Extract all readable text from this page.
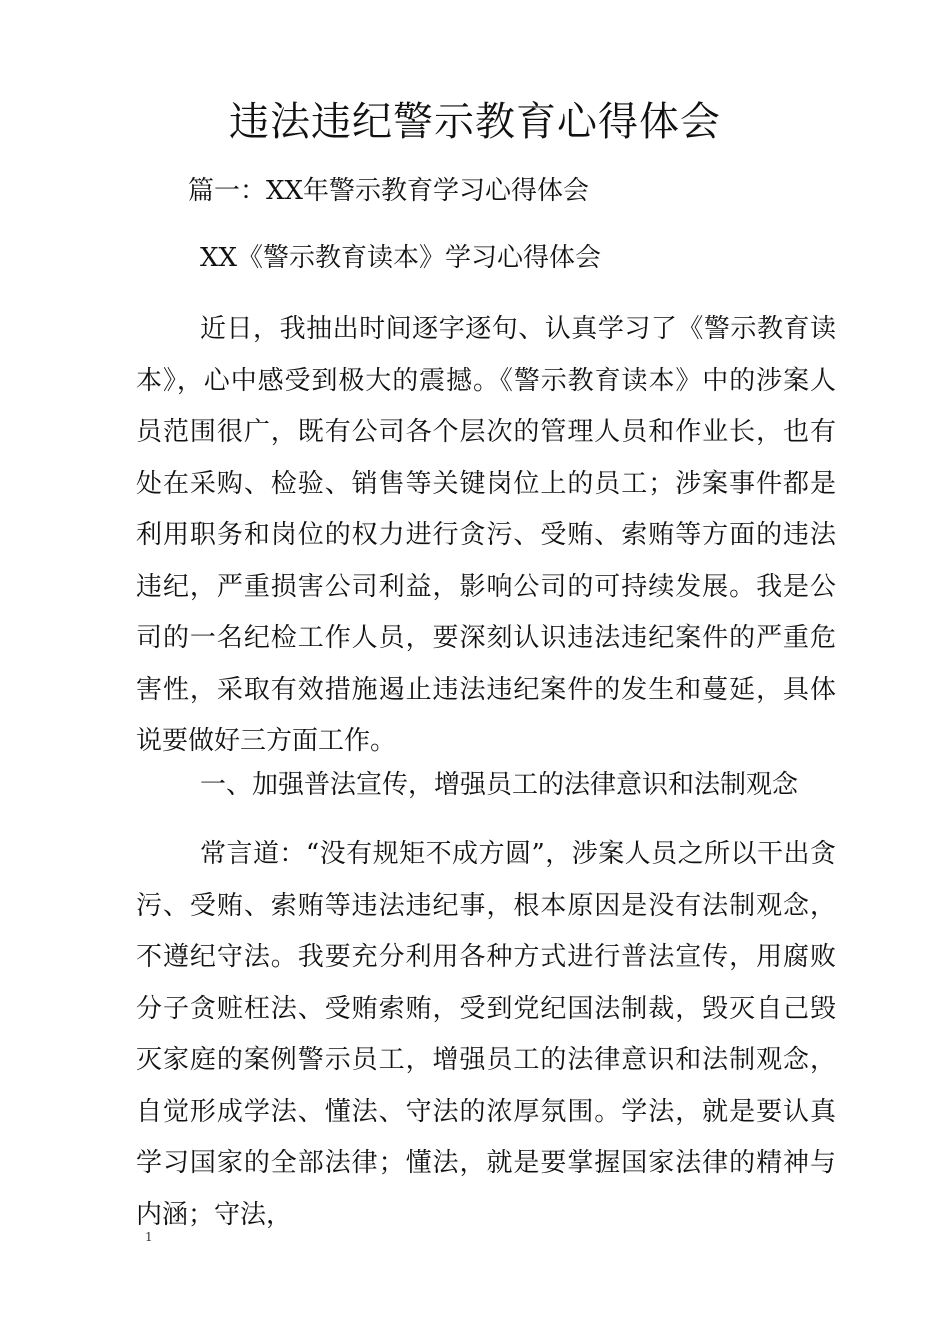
违法违纪警示教育心得体会

篇一：XX年警示教育学习心得体会

XX《警示教育读本》学习心得体会

近日，我抽出时间逐字逐句、认真学习了《警示教育读本》，心中感受到极大的震撼。《警示教育读本》中的涉案人员范围很广，既有公司各个层次的管理人员和作业长，也有处在采购、检验、销售等关键岗位上的员工；涉案事件都是利用职务和岗位的权力进行贪污、受贿、索贿等方面的违法违纪，严重损害公司利益，影响公司的可持续发展。我是公司的一名纪检工作人员，要深刻认识违法违纪案件的严重危害性，采取有效措施遏止违法违纪案件的发生和蔓延，具体说要做好三方面工作。

一、加强普法宣传，增强员工的法律意识和法制观念

常言道：“没有规矩不成方圆”，涉案人员之所以干出贪污、受贿、索贿等违法违纪事，根本原因是没有法制观念，不遵纪守法。我要充分利用各种方式进行普法宣传，用腐败分子贪赃枉法、受贿索贿，受到党纪国法制裁，毁灭自己毁灭家庭的案例警示员工，增强员工的法律意识和法制观念，自觉形成学法、懂法、守法的浓厚氛围。学法，就是要认真学习国家的全部法律；懂法，就是要掌握国家法律的精神与内涵；守法，

1
